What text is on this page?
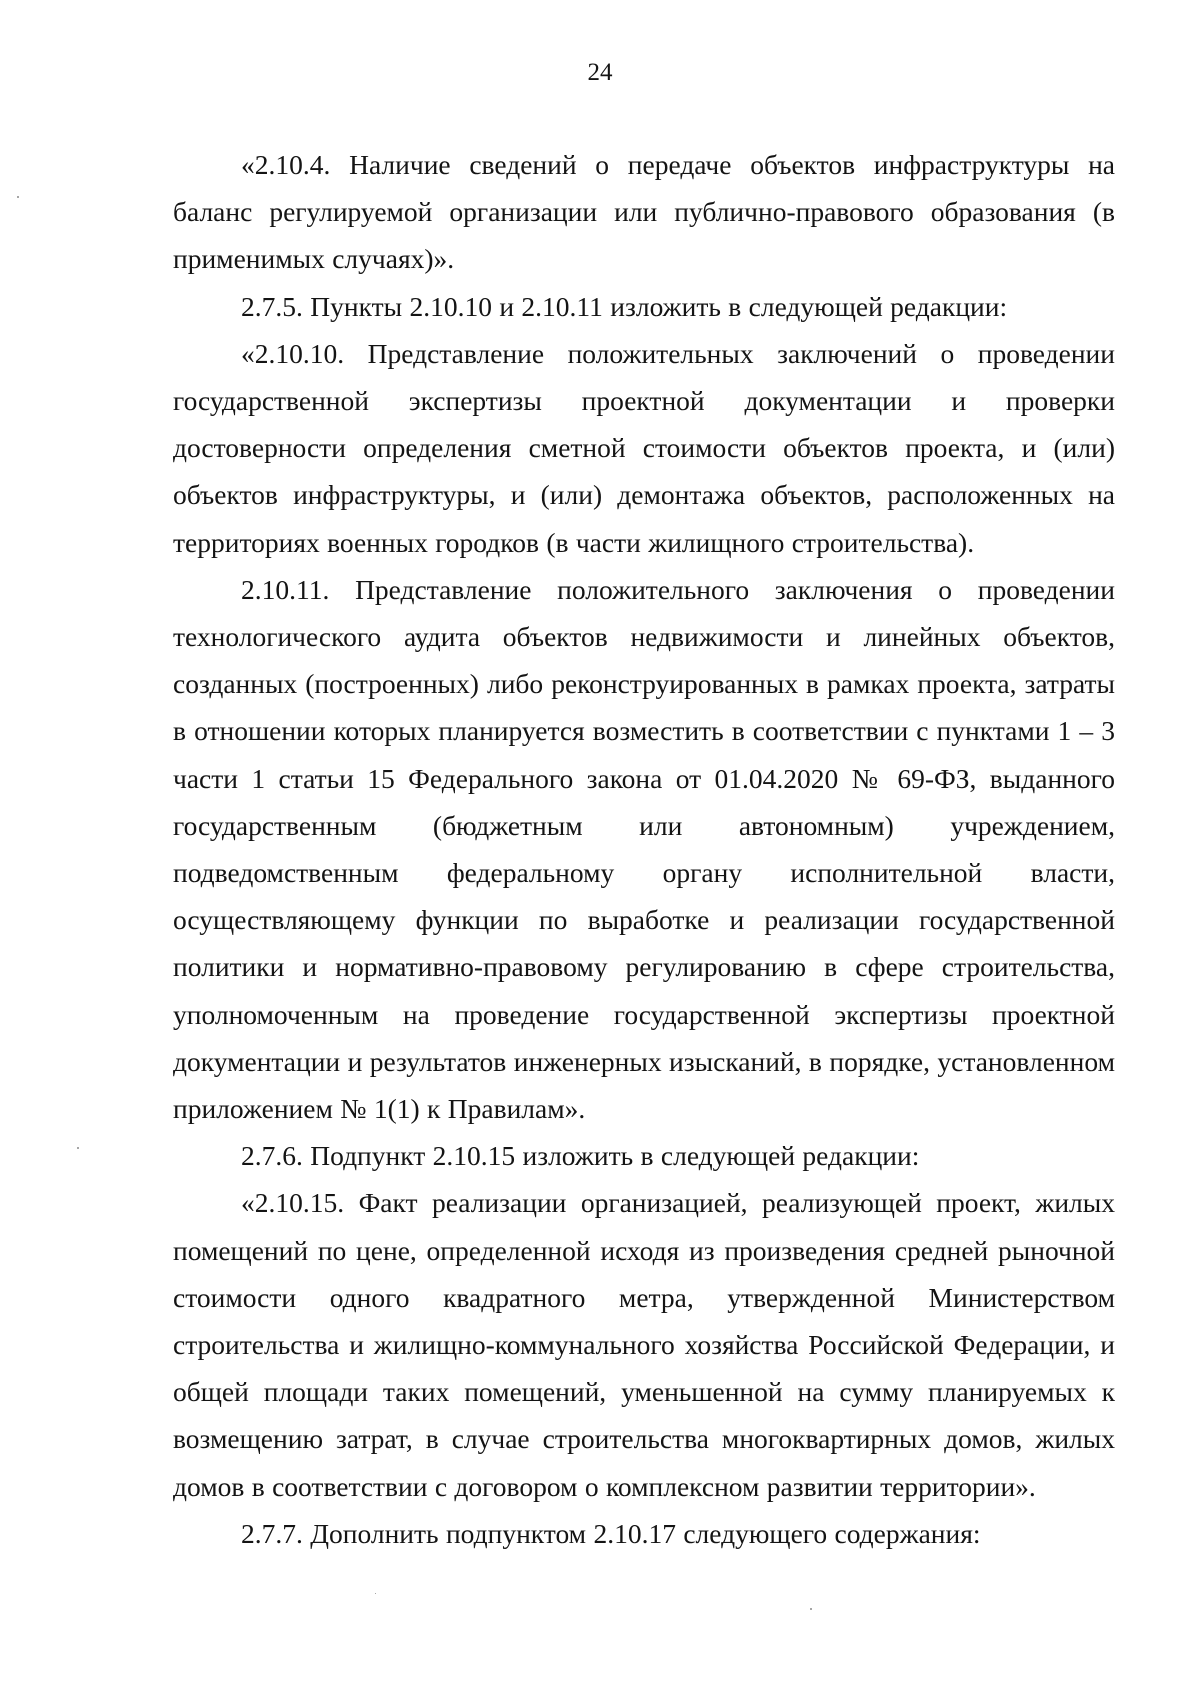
24

«2.10.4. Наличие сведений о передаче объектов инфраструктуры на баланс регулируемой организации или публично-правового образования (в применимых случаях)».

2.7.5. Пункты 2.10.10 и 2.10.11 изложить в следующей редакции:

«2.10.10. Представление положительных заключений о проведении государственной экспертизы проектной документации и проверки достоверности определения сметной стоимости объектов проекта, и (или) объектов инфраструктуры, и (или) демонтажа объектов, расположенных на территориях военных городков (в части жилищного строительства).

2.10.11. Представление положительного заключения о проведении технологического аудита объектов недвижимости и линейных объектов, созданных (построенных) либо реконструированных в рамках проекта, затраты в отношении которых планируется возместить в соответствии с пунктами 1 – 3 части 1 статьи 15 Федерального закона от 01.04.2020 № 69-ФЗ, выданного государственным (бюджетным или автономным) учреждением, подведомственным федеральному органу исполнительной власти, осуществляющему функции по выработке и реализации государственной политики и нормативно-правовому регулированию в сфере строительства, уполномоченным на проведение государственной экспертизы проектной документации и результатов инженерных изысканий, в порядке, установленном приложением № 1(1) к Правилам».

2.7.6. Подпункт 2.10.15 изложить в следующей редакции:

«2.10.15. Факт реализации организацией, реализующей проект, жилых помещений по цене, определенной исходя из произведения средней рыночной стоимости одного квадратного метра, утвержденной Министерством строительства и жилищно-коммунального хозяйства Российской Федерации, и общей площади таких помещений, уменьшенной на сумму планируемых к возмещению затрат, в случае строительства многоквартирных домов, жилых домов в соответствии с договором о комплексном развитии территории».

2.7.7. Дополнить подпунктом 2.10.17 следующего содержания:
